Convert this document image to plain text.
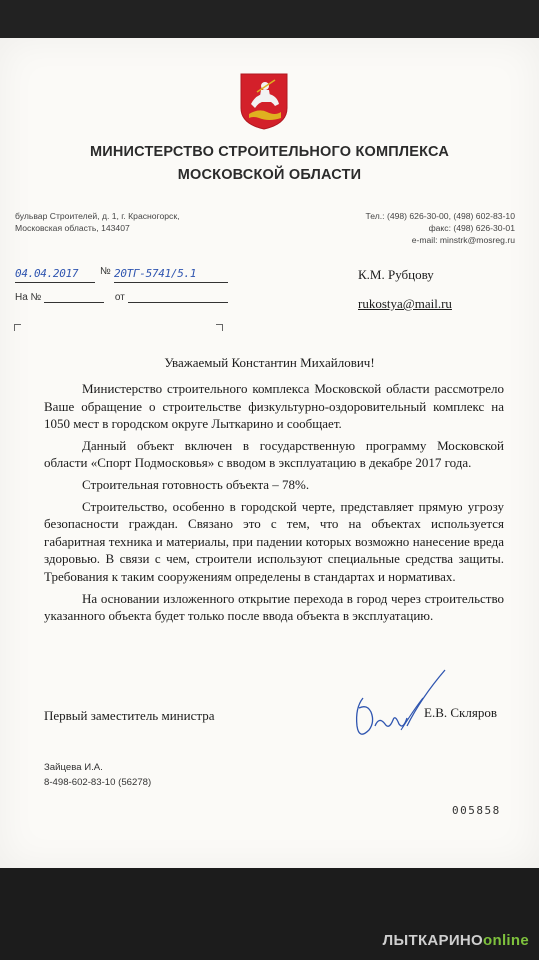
МИНИСТЕРСТВО СТРОИТЕЛЬНОГО КОМПЛЕКСА
МОСКОВСКОЙ ОБЛАСТИ
бульвар Строителей, д. 1, г. Красногорск,
Московская область, 143407
Тел.: (498) 626-30-00, (498) 602-83-10
факс: (498) 626-30-01
e-mail: minstrk@mosreg.ru
04.04.2017	№ 20ТГ-5741/5.1
На №	от
К.М. Рубцову
rukostya@mail.ru
Уважаемый Константин Михайлович!

Министерство строительного комплекса Московской области рассмотрело Ваше обращение о строительстве физкультурно-оздоровительный комплекс на 1050 мест в городском округе Лыткарино и сообщает.

Данный объект включен в государственную программу Московской области «Спорт Подмосковья» с вводом в эксплуатацию в декабре 2017 года.

Строительная готовность объекта – 78%.

Строительство, особенно в городской черте, представляет прямую угрозу безопасности граждан. Связано это с тем, что на объектах используется габаритная техника и материалы, при падении которых возможно нанесение вреда здоровью. В связи с чем, строители используют специальные средства защиты. Требования к таким сооружениям определены в стандартах и нормативах.

На основании изложенного открытие перехода в город через строительство указанного объекта будет только после ввода объекта в эксплуатацию.

Первый заместитель министра	Е.В. Скляров
Зайцева И.А.
8-498-602-83-10 (56278)
005858
ЛЫТКАРИНОonline
